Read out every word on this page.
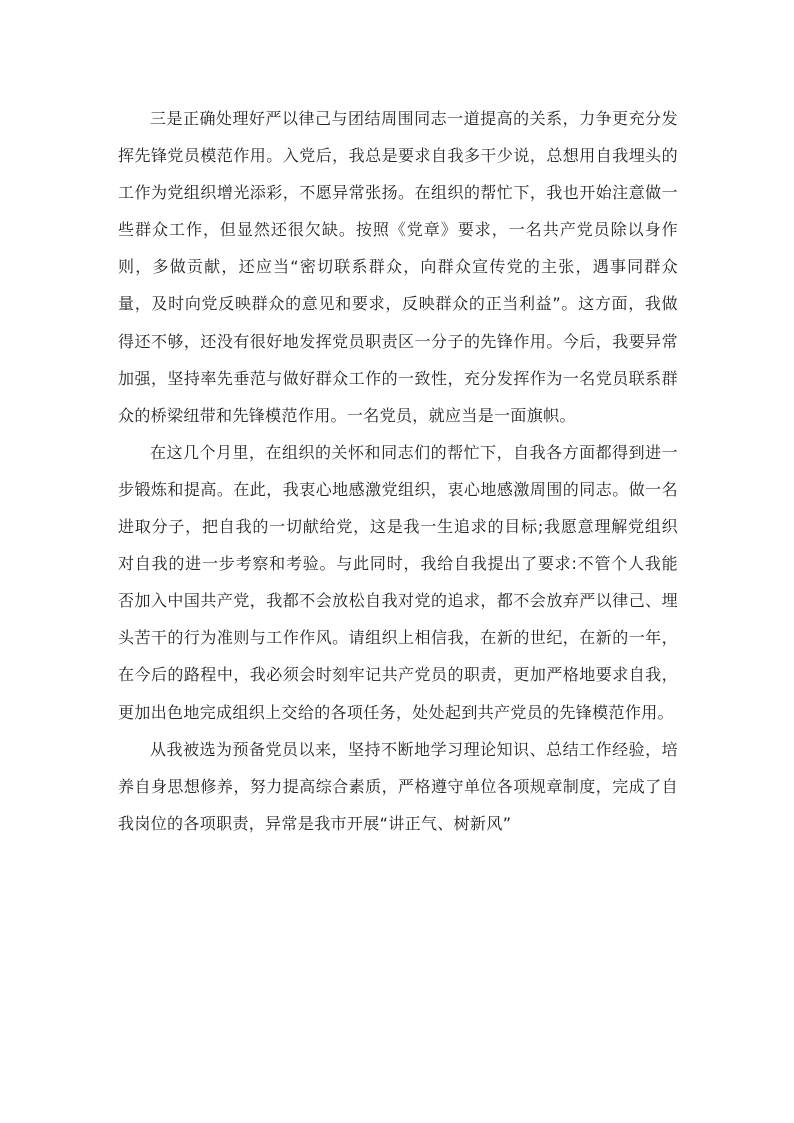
三是正确处理好严以律己与团结周围同志一道提高的关系，力争更充分发挥先锋党员模范作用。入党后，我总是要求自我多干少说，总想用自我埋头的工作为党组织增光添彩，不愿异常张扬。在组织的帮忙下，我也开始注意做一些群众工作，但显然还很欠缺。按照《党章》要求，一名共产党员除以身作则，多做贡献，还应当“密切联系群众，向群众宣传党的主张，遇事同群众量，及时向党反映群众的意见和要求，反映群众的正当利益”。这方面，我做得还不够，还没有很好地发挥党员职责区一分子的先锋作用。今后，我要异常加强，坚持率先垂范与做好群众工作的一致性，充分发挥作为一名党员联系群众的桥梁纽带和先锋模范作用。一名党员，就应当是一面旗帜。

在这几个月里，在组织的关怀和同志们的帮忙下，自我各方面都得到进一步锻炼和提高。在此，我衷心地感激党组织，衷心地感激周围的同志。做一名进取分子，把自我的一切献给党，这是我一生追求的目标;我愿意理解党组织对自我的进一步考察和考验。与此同时，我给自我提出了要求:不管个人我能否加入中国共产党，我都不会放松自我对党的追求，都不会放弃严以律己、埋头苦干的行为准则与工作作风。请组织上相信我，在新的世纪，在新的一年，在今后的路程中，我必须会时刻牢记共产党员的职责，更加严格地要求自我，更加出色地完成组织上交给的各项任务，处处起到共产党员的先锋模范作用。

从我被选为预备党员以来，坚持不断地学习理论知识、总结工作经验，培养自身思想修养，努力提高综合素质，严格遵守单位各项规章制度，完成了自我岗位的各项职责，异常是我市开展“讲正气、树新风”
